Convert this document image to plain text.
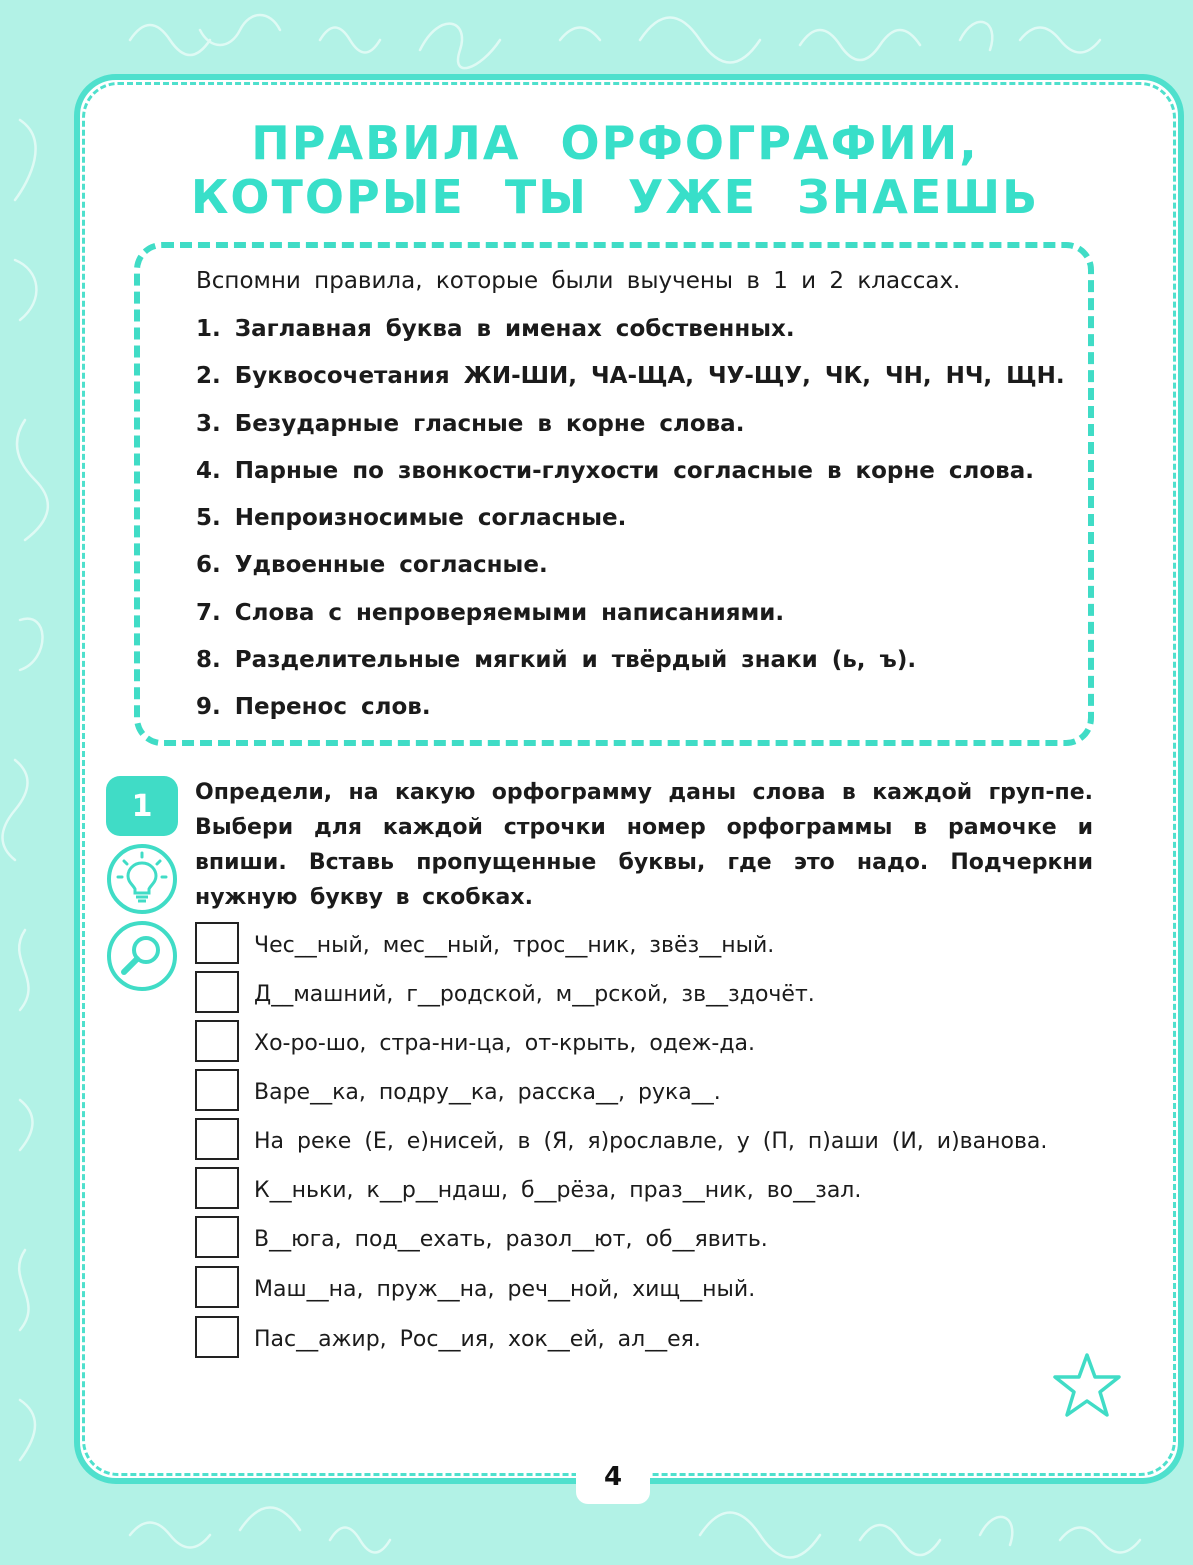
ПРАВИЛА ОРФОГРАФИИ,
КОТОРЫЕ ТЫ УЖЕ ЗНАЕШЬ
Вспомни правила, которые были выучены в 1 и 2 классах.
1. Заглавная буква в именах собственных.
2. Буквосочетания ЖИ-ШИ, ЧА-ЩА, ЧУ-ЩУ, ЧК, ЧН, НЧ, ЩН.
3. Безударные гласные в корне слова.
4. Парные по звонкости-глухости согласные в корне слова.
5. Непроизносимые согласные.
6. Удвоенные согласные.
7. Слова с непроверяемыми написаниями.
8. Разделительные мягкий и твёрдый знаки (ь, ъ).
9. Перенос слов.
1	Определи, на какую орфограмму даны слова в каждой груп-пе. Выбери для каждой строчки номер орфограммы в рамочке и впиши. Вставь пропущенные буквы, где это надо. Подчеркни нужную букву в скобках.
Чес__ный, мес__ный, трос__ник, звёз__ный.
Д__машний, г__родской, м__рской, зв__здочёт.
Хо-ро-шо, стра-ни-ца, от-крыть, одеж-да.
Варе__ка, подру__ка, расска__, рука__.
На реке (Е, е)нисей, в (Я, я)рославле, у (П, п)аши (И, и)ванова.
К__ньки, к__р__ндаш, б__рёза, праз__ник, во__зал.
В__юга, под__ехать, разол__ют, об__явить.
Маш__на, пруж__на, реч__ной, хищ__ный.
Пас__ажир, Рос__ия, хок__ей, ал__ея.
4
